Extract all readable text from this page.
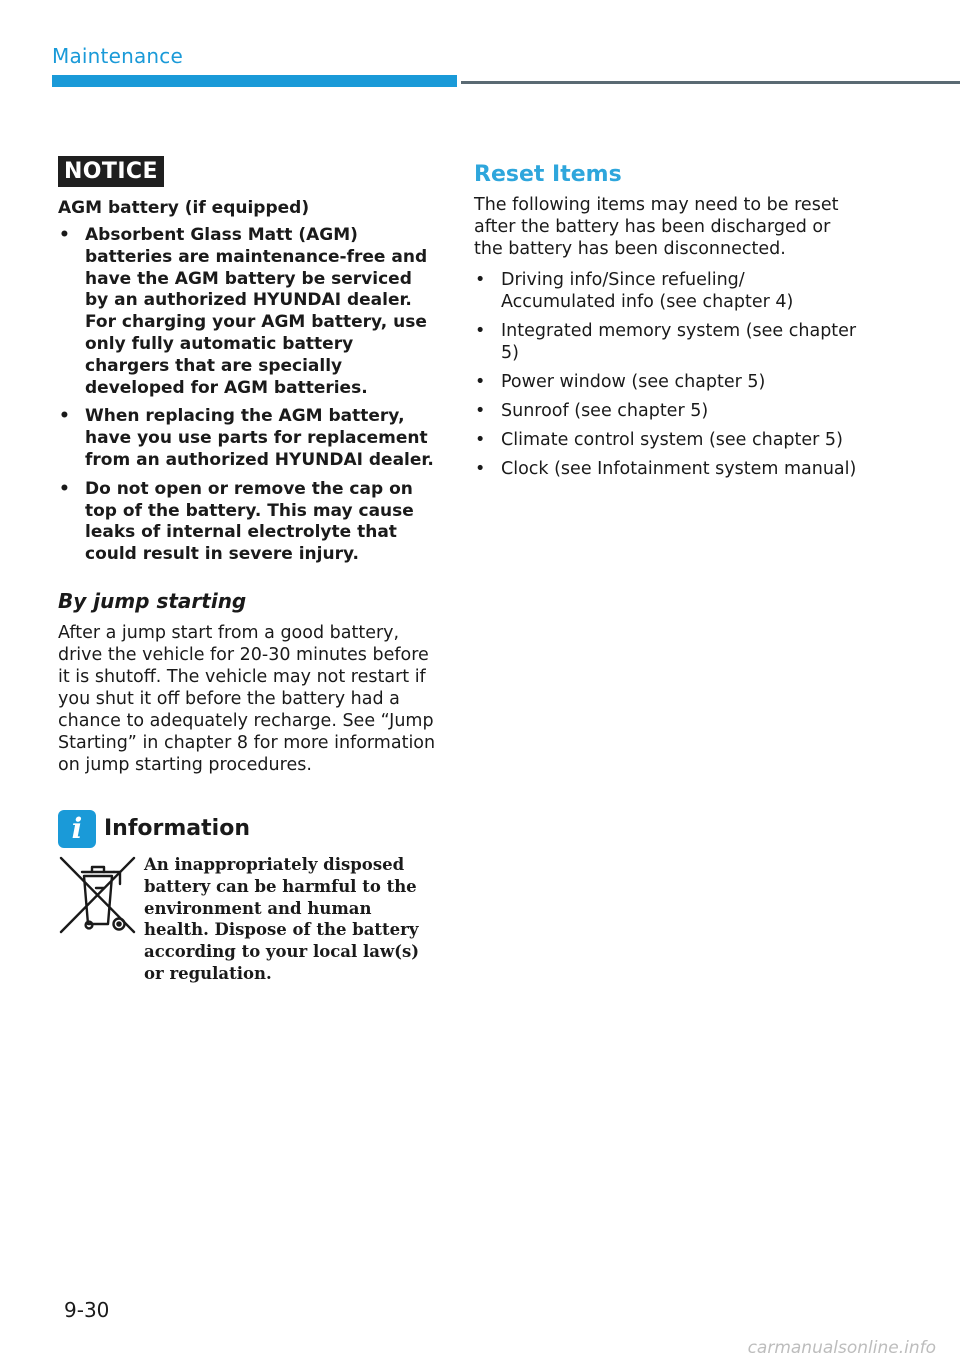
Maintenance
NOTICE
AGM battery (if equipped)
• Absorbent Glass Matt (AGM) batteries are maintenance-free and have the AGM battery be serviced by an authorized HYUNDAI dealer. For charging your AGM battery, use only fully automatic battery chargers that are specially developed for AGM batteries.
• When replacing the AGM battery, have you use parts for replacement from an authorized HYUNDAI dealer.
• Do not open or remove the cap on top of the battery. This may cause leaks of internal electrolyte that could result in severe injury.
By jump starting
After a jump start from a good battery, drive the vehicle for 20-30 minutes before it is shutoff. The vehicle may not restart if you shut it off before the battery had a chance to adequately recharge. See “Jump Starting” in chapter 8 for more information on jump starting procedures.
i Information
An inappropriately disposed battery can be harmful to the environment and human health. Dispose of the battery according to your local law(s) or regulation.
Reset Items
The following items may need to be reset after the battery has been discharged or the battery has been disconnected.
• Driving info/Since refueling/ Accumulated info (see chapter 4)
• Integrated memory system (see chapter 5)
• Power window (see chapter 5)
• Sunroof (see chapter 5)
• Climate control system (see chapter 5)
• Clock (see Infotainment system manual)
9-30
carmanualsonline.info
